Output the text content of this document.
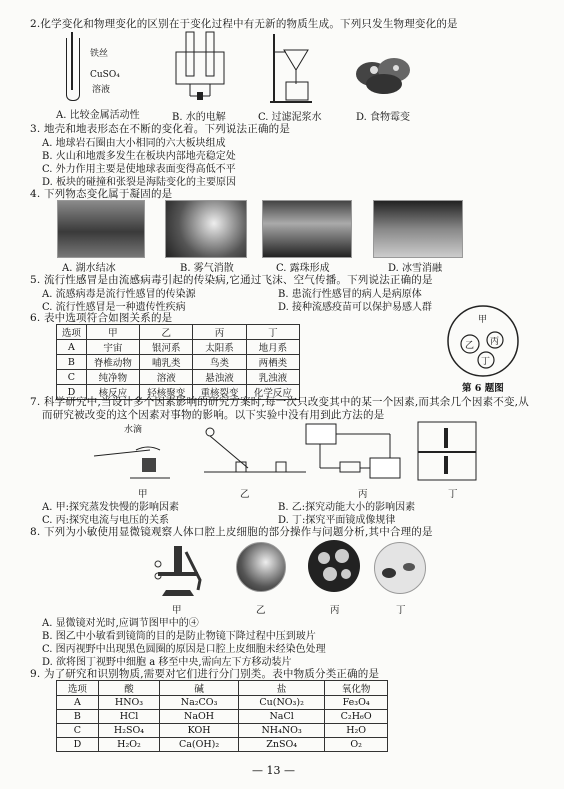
2.化学变化和物理变化的区别在于变化过程中有无新的物质生成。下列只发生物理变化的是
铁丝
CuSO₄
溶液
A. 比较金属活动性	B. 水的电解	C. 过滤泥浆水	D. 食物霉变
3. 地壳和地表形态在不断的变化着。下列说法正确的是
A. 地球岩石圈由大小相同的六大板块组成
B. 火山和地震多发生在板块内部地壳稳定处
C. 外力作用主要是使地球表面变得高低不平
D. 板块的碰撞和张裂是海陆变化的主要原因
4. 下列物态变化属于凝固的是
A. 湖水结冰	B. 雾气消散	C. 露珠形成	D. 冰雪消融
5. 流行性感冒是由流感病毒引起的传染病,它通过飞沫、空气传播。下列说法正确的是
A. 流感病毒是流行性感冒的传染源	B. 患流行性感冒的病人是病原体
C. 流行性感冒是一种遗传性疾病	D. 接种流感疫苗可以保护易感人群
6. 表中选项符合如图关系的是
选项	甲	乙	丙	丁
A	宇宙	银河系	太阳系	地月系
B	脊椎动物	哺乳类	鸟类	两栖类
C	纯净物	溶液	悬浊液	乳浊液
D	核反应	轻核聚变	重核裂变	化学反应
甲
乙 丙
丁
第 6 题图
7. 科学研究中,当设计多个因素影响的研究方案时,每一次只改变其中的某一个因素,而其余几个因素不变,从
而研究被改变的这个因素对事物的影响。以下实验中没有用到此方法的是
水滴
甲	乙	丙	丁
A. 甲:探究蒸发快慢的影响因素	B. 乙:探究动能大小的影响因素
C. 丙:探究电流与电压的关系	D. 丁:探究平面镜成像规律
8. 下列为小敏使用显微镜观察人体口腔上皮细胞的部分操作与问题分析,其中合理的是
甲	乙	丙	丁
A. 显微镜对光时,应调节图甲中的④
B. 图乙中小敏看到镜筒的目的是防止物镜下降过程中压到玻片
C. 图丙视野中出现黑色圆圈的原因是口腔上皮细胞未经染色处理
D. 欲将图丁视野中细胞 a 移至中央,需向左下方移动装片
9. 为了研究和识别物质,需要对它们进行分门别类。表中物质分类正确的是
选项	酸	碱	盐	氧化物
A	HNO₃	Na₂CO₃	Cu(NO₃)₂	Fe₃O₄
B	HCl	NaOH	NaCl	C₂H₆O
C	H₂SO₄	KOH	NH₄NO₃	H₂O
D	H₂O₂	Ca(OH)₂	ZnSO₄	O₂
— 13 —
